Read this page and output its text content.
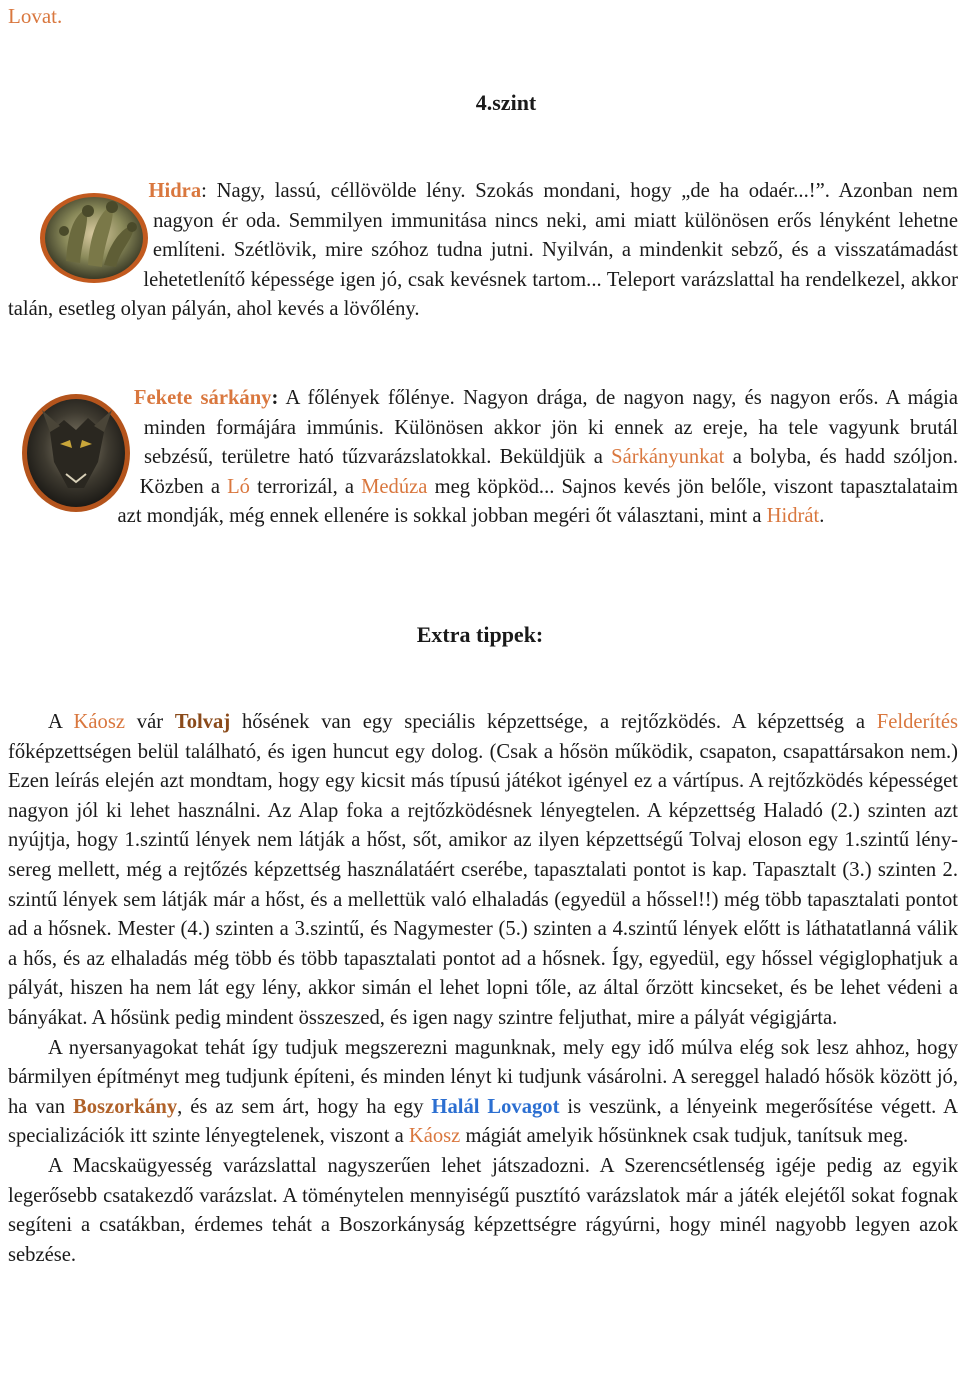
Lovat.
4.szint
Hidra: Nagy, lassú, céllövölde lény. Szokás mondani, hogy „de ha odaér...!”. Azonban nem nagyon ér oda. Semmilyen immunitása nincs neki, ami miatt különösen erős lényként lehetne említeni. Szétlövik, mire szóhoz tudna jutni. Nyilván, a mindenkit sebző, és a visszatámadást lehetetlenítő képessége igen jó, csak kevésnek tartom... Teleport varázslattal ha rendelkezel, akkor talán, esetleg olyan pályán, ahol kevés a lövőlény.
Fekete sárkány: A főlények főlénye. Nagyon drága, de nagyon nagy, és nagyon erős. A mágia minden formájára immúnis. Különösen akkor jön ki ennek az ereje, ha tele vagyunk brutál sebzésű, területre ható tűzvarázslatokkal. Beküldjük a Sárkányunkat a bolyba, és hadd szóljon. Közben a Ló terrorizál, a Medúza meg köpköd... Sajnos kevés jön belőle, viszont tapasztalataim azt mondják, még ennek ellenére is sokkal jobban megéri őt választani, mint a Hidrát.
Extra tippek:

A Káosz vár Tolvaj hősének van egy speciális képzettsége, a rejtőzködés. A képzettség a Felderítés főképzettségen belül található, és igen huncut egy dolog. (Csak a hősön működik, csapaton, csapattársakon nem.) Ezen leírás elején azt mondtam, hogy egy kicsit más típusú játékot igényel ez a vártípus. A rejtőzködés képességet nagyon jól ki lehet használni. Az Alap foka a rejtőzködésnek lényegtelen. A képzettség Haladó (2.) szinten azt nyújtja, hogy 1.szintű lények nem látják a hőst, sőt, amikor az ilyen képzettségű Tolvaj eloson egy 1.szintű lény-sereg mellett, még a rejtőzés képzettség használatáért cserébe, tapasztalati pontot is kap. Tapasztalt (3.) szinten 2. szintű lények sem látják már a hőst, és a mellettük való elhaladás (egyedül a hőssel!!) még több tapasztalati pontot ad a hősnek. Mester (4.) szinten a 3.szintű, és Nagymester (5.) szinten a 4.szintű lények előtt is láthatatlanná válik a hős, és az elhaladás még több és több tapasztalati pontot ad a hősnek. Így, egyedül, egy hőssel végiglophatjuk a pályát, hiszen ha nem lát egy lény, akkor simán el lehet lopni tőle, az által őrzött kincseket, és be lehet védeni a bányákat. A hősünk pedig mindent összeszed, és igen nagy szintre feljuthat, mire a pályát végigjárta.

A nyersanyagokat tehát így tudjuk megszerezni magunknak, mely egy idő múlva elég sok lesz ahhoz, hogy bármilyen építményt meg tudjunk építeni, és minden lényt ki tudjunk vásárolni. A sereggel haladó hősök között jó, ha van Boszorkány, és az sem árt, hogy ha egy Halál Lovagot is veszünk, a lényeink megerősítése végett. A specializációk itt szinte lényegtelenek, viszont a Káosz mágiát amelyik hősünknek csak tudjuk, tanítsuk meg.

A Macskaügyesség varázslattal nagyszerűen lehet játszadozni. A Szerencsétlenség igéje pedig az egyik legerősebb csatakezdő varázslat. A töménytelen mennyiségű pusztító varázslatok már a játék elejétől sokat fognak segíteni a csatákban, érdemes tehát a Boszorkányság képzettségre rágyúrni, hogy minél nagyobb legyen azok sebzése.
